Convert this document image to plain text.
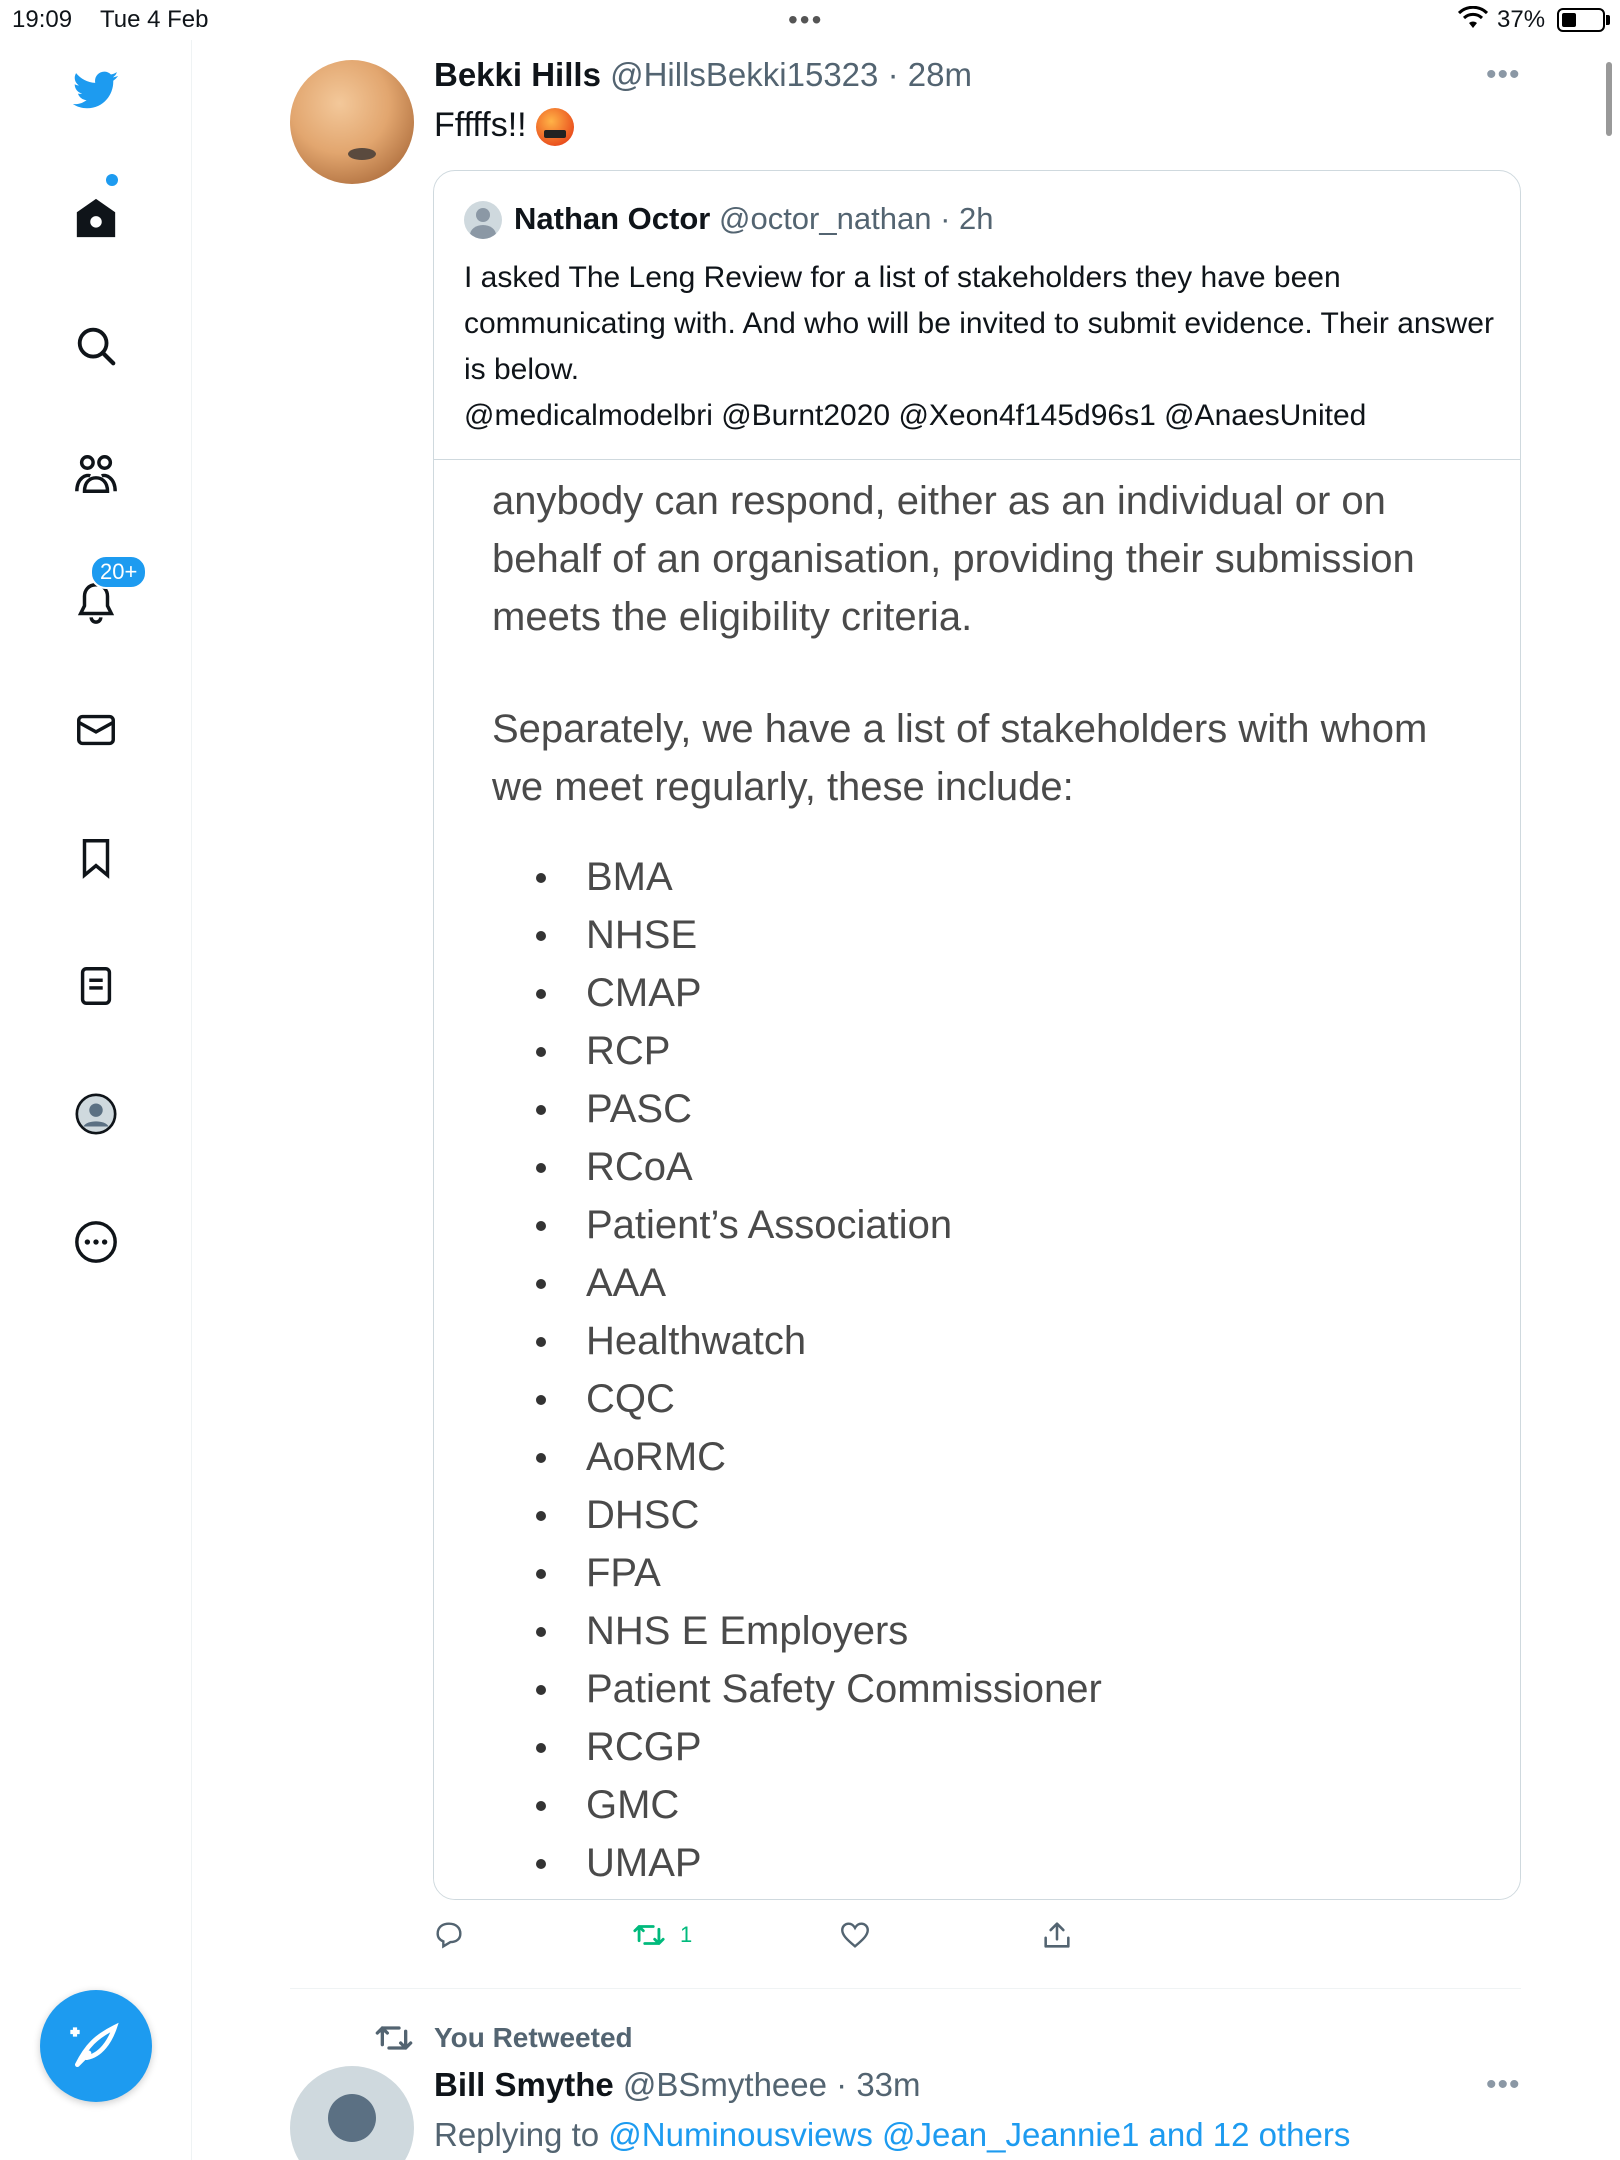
19:09 Tue 4 Feb	•••	37%
20+
Bekki Hills @HillsBekki15323 · 28m	•••
Fffffs!!
Nathan Octor @octor_nathan · 2h
I asked The Leng Review for a list of stakeholders they have been communicating with. And who will be invited to submit evidence. Their answer is below.
@medicalmodelbri @Burnt2020 @Xeon4f145d96s1 @AnaesUnited
anybody can respond, either as an individual or on behalf of an organisation, providing their submission meets the eligibility criteria.
Separately, we have a list of stakeholders with whom we meet regularly, these include:
BMA
NHSE
CMAP
RCP
PASC
RCoA
Patient’s Association
AAA
Healthwatch
CQC
AoRMC
DHSC
FPA
NHS E Employers
Patient Safety Commissioner
RCGP
GMC
UMAP
1
You Retweeted
Bill Smythe @BSmytheee · 33m	•••
Replying to @Numinousviews @Jean_Jeannie1 and 12 others
